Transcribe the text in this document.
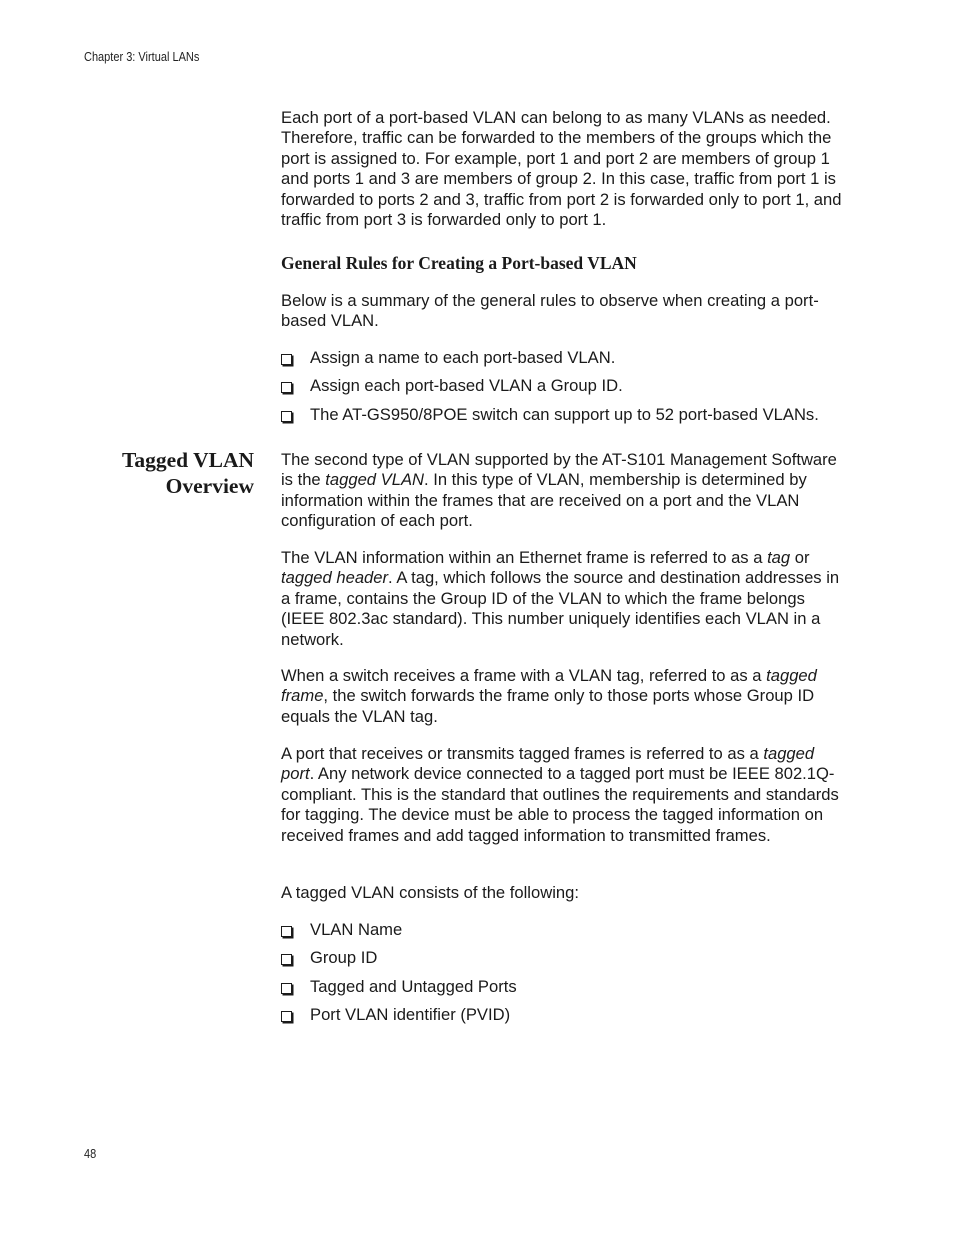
Chapter 3: Virtual LANs

Each port of a port-based VLAN can belong to as many VLANs as needed. Therefore, traffic can be forwarded to the members of the groups which the port is assigned to. For example, port 1 and port 2 are members of group 1 and ports 1 and 3 are members of group 2. In this case, traffic from port 1 is forwarded to ports 2 and 3, traffic from port 2 is forwarded only to port 1, and traffic from port 3 is forwarded only to port 1.

General Rules for Creating a Port-based VLAN

Below is a summary of the general rules to observe when creating a port-based VLAN.

Assign a name to each port-based VLAN.
Assign each port-based VLAN a Group ID.
The AT-GS950/8POE switch can support up to 52 port-based VLANs.
Tagged VLAN
Overview

The second type of VLAN supported by the AT-S101 Management Software is the tagged VLAN. In this type of VLAN, membership is determined by information within the frames that are received on a port and the VLAN configuration of each port.

The VLAN information within an Ethernet frame is referred to as a tag or tagged header. A tag, which follows the source and destination addresses in a frame, contains the Group ID of the VLAN to which the frame belongs (IEEE 802.3ac standard). This number uniquely identifies each VLAN in a network.

When a switch receives a frame with a VLAN tag, referred to as a tagged frame, the switch forwards the frame only to those ports whose Group ID equals the VLAN tag.

A port that receives or transmits tagged frames is referred to as a tagged port. Any network device connected to a tagged port must be IEEE 802.1Q-compliant. This is the standard that outlines the requirements and standards for tagging. The device must be able to process the tagged information on received frames and add tagged information to transmitted frames.

A tagged VLAN consists of the following:

VLAN Name
Group ID
Tagged and Untagged Ports
Port VLAN identifier (PVID)
48
